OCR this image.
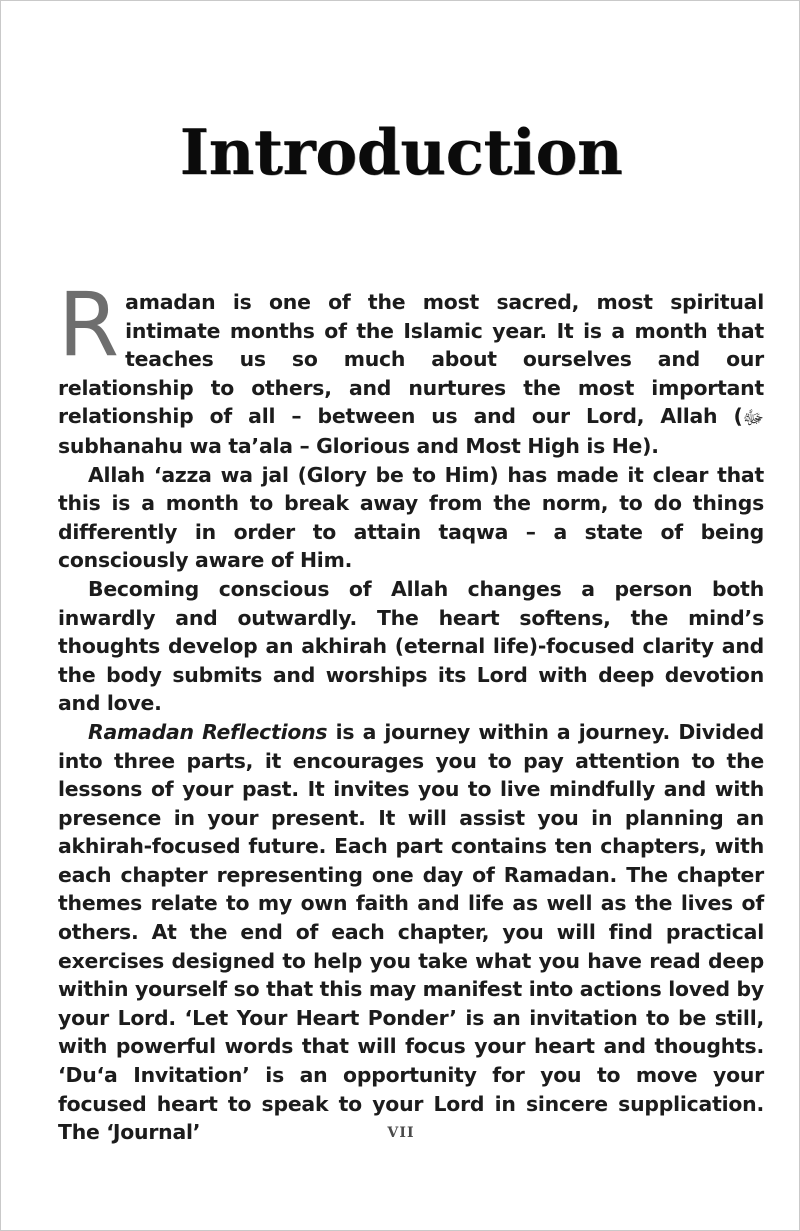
Introduction

Ramadan is one of the most sacred, most spiritual intimate months of the Islamic year. It is a month that teaches us so much about ourselves and our relationship to others, and nurtures the most important relationship of all – between us and our Lord, Allah (ﷻ subhanahu wa ta’ala – Glorious and Most High is He).

Allah ‘azza wa jal (Glory be to Him) has made it clear that this is a month to break away from the norm, to do things differently in order to attain taqwa – a state of being consciously aware of Him.

Becoming conscious of Allah changes a person both inwardly and outwardly. The heart softens, the mind’s thoughts develop an akhirah (eternal life)-focused clarity and the body submits and worships its Lord with deep devotion and love.

Ramadan Reflections is a journey within a journey. Divided into three parts, it encourages you to pay attention to the lessons of your past. It invites you to live mindfully and with presence in your present. It will assist you in planning an akhirah-focused future. Each part contains ten chapters, with each chapter representing one day of Ramadan. The chapter themes relate to my own faith and life as well as the lives of others. At the end of each chapter, you will find practical exercises designed to help you take what you have read deep within yourself so that this may manifest into actions loved by your Lord. ‘Let Your Heart Ponder’ is an invitation to be still, with powerful words that will focus your heart and thoughts. ‘Du‘a Invitation’ is an opportunity for you to move your focused heart to speak to your Lord in sincere supplication. The ‘Journal’	VII
